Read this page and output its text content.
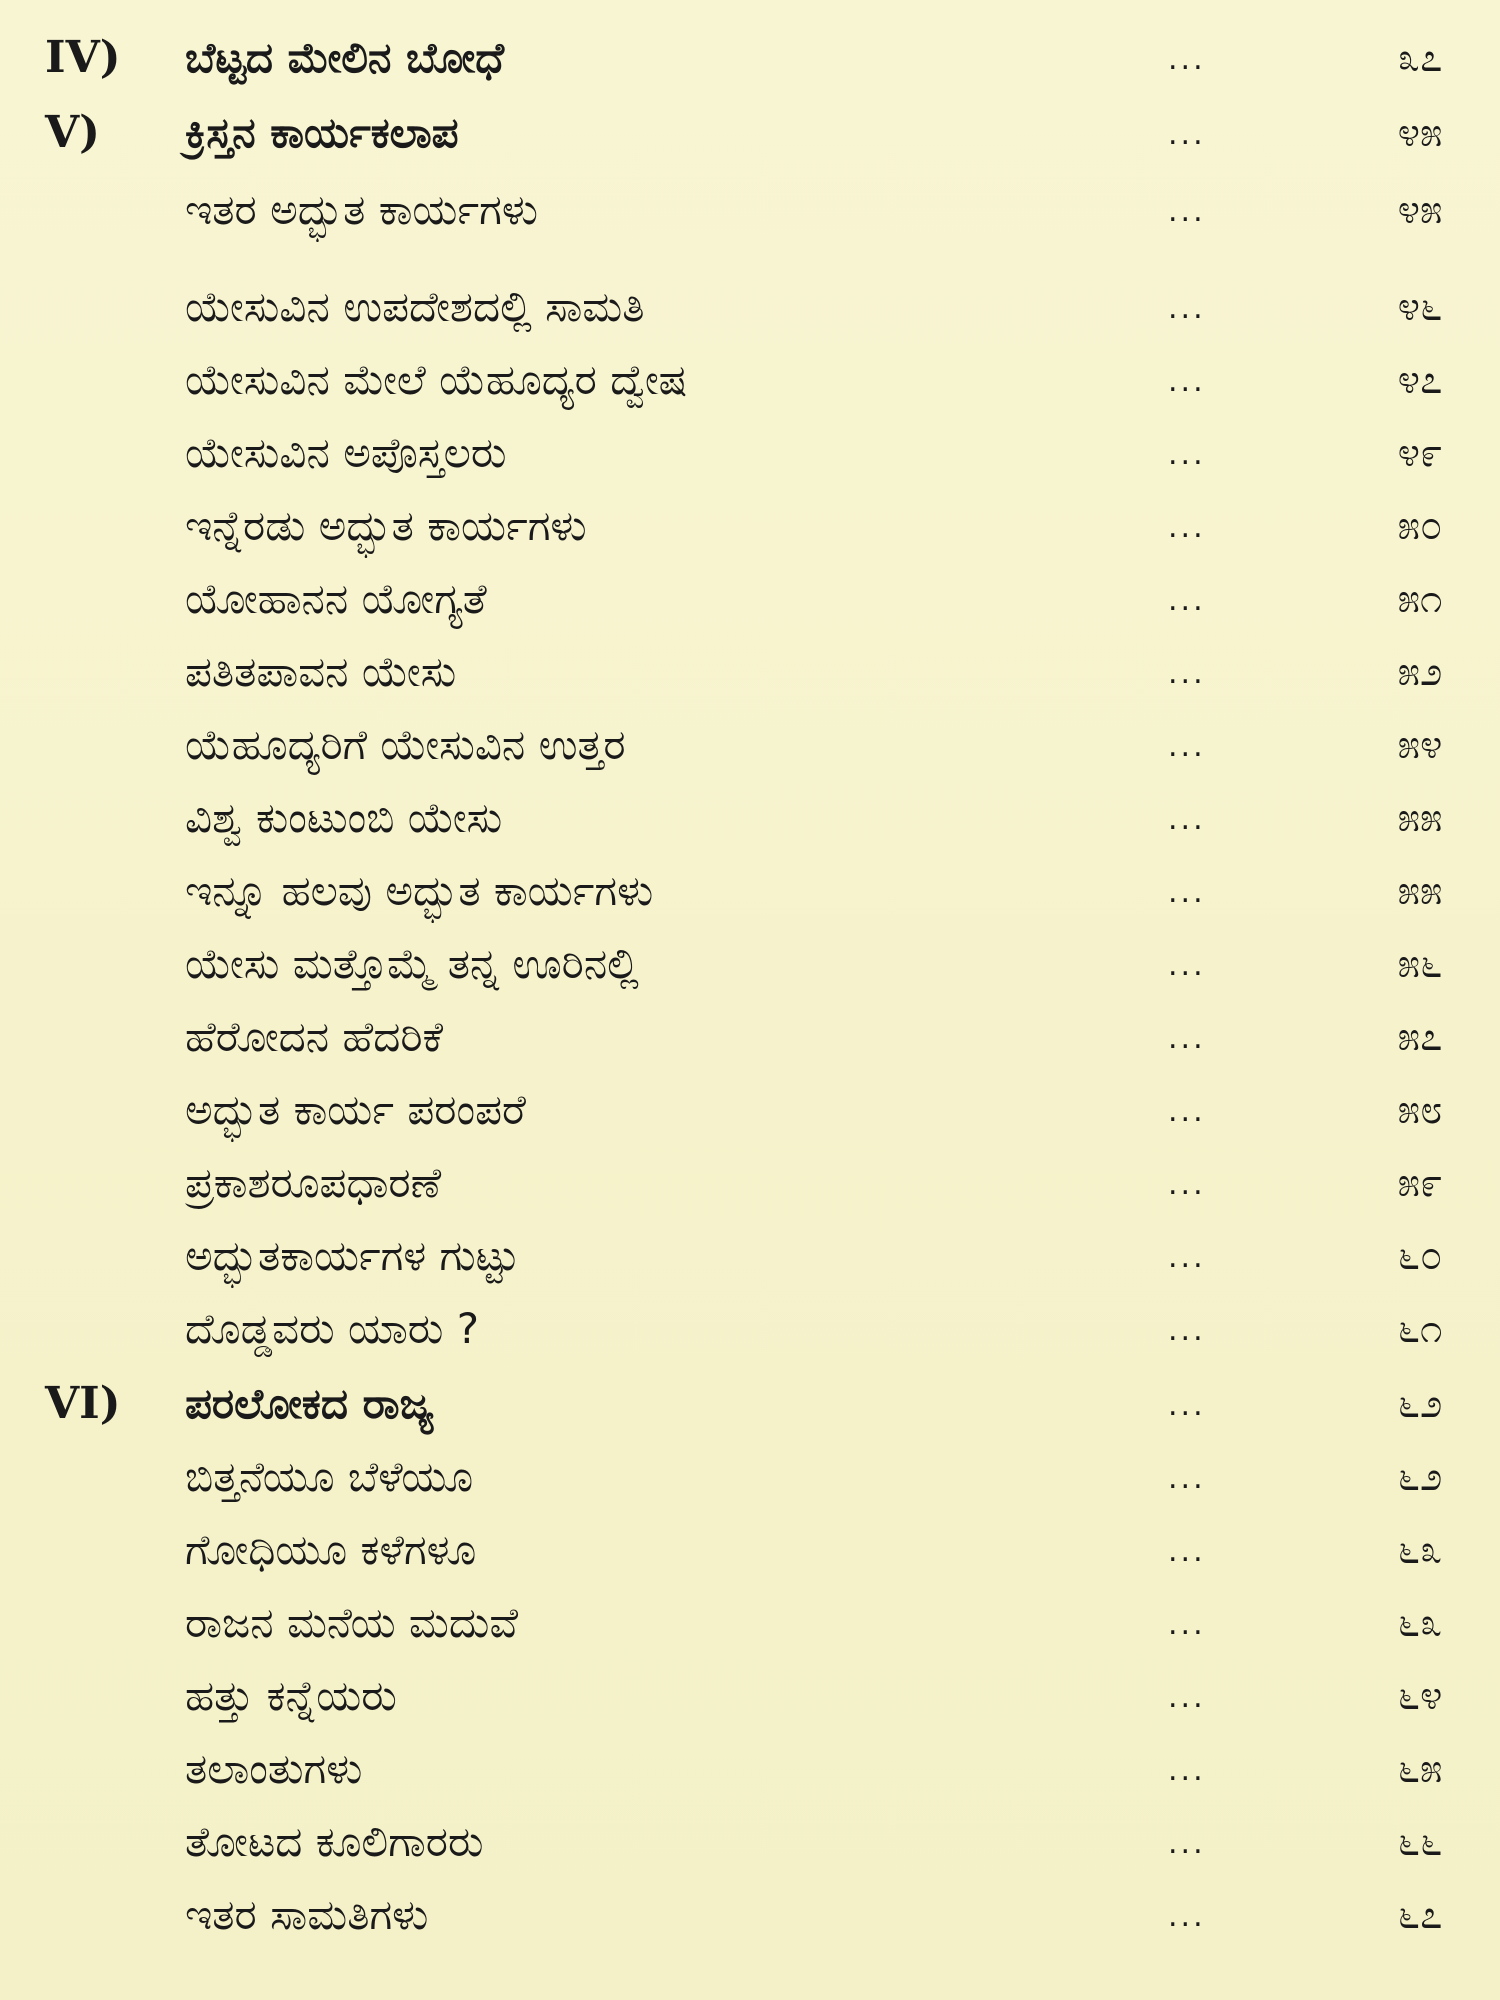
IV)	ಬೆಟ್ಟದ ಮೇಲಿನ ಬೋಧೆ	...	೩೭
V)	ಕ್ರಿಸ್ತನ ಕಾರ್ಯಕಲಾಪ	...	೪೫
ಇತರ ಅದ್ಭುತ ಕಾರ್ಯಗಳು	...	೪೫
ಯೇಸುವಿನ ಉಪದೇಶದಲ್ಲಿ ಸಾಮತಿ	...	೪೬
ಯೇಸುವಿನ ಮೇಲೆ ಯೆಹೂದ್ಯರ ದ್ವೇಷ	...	೪೭
ಯೇಸುವಿನ ಅಪೊಸ್ತಲರು	...	೪೯
ಇನ್ನೆರಡು ಅದ್ಭುತ ಕಾರ್ಯಗಳು	...	೫೦
ಯೋಹಾನನ ಯೋಗ್ಯತೆ	...	೫೧
ಪತಿತಪಾವನ ಯೇಸು	...	೫೨
ಯೆಹೂದ್ಯರಿಗೆ ಯೇಸುವಿನ ಉತ್ತರ	...	೫೪
ವಿಶ್ವ ಕುಂಟುಂಬಿ ಯೇಸು	...	೫೫
ಇನ್ನೂ ಹಲವು ಅದ್ಭುತ ಕಾರ್ಯಗಳು	...	೫೫
ಯೇಸು ಮತ್ತೊಮ್ಮೆ ತನ್ನ ಊರಿನಲ್ಲಿ	...	೫೬
ಹೆರೋದನ ಹೆದರಿಕೆ	...	೫೭
ಅದ್ಭುತ ಕಾರ್ಯ ಪರಂಪರೆ	...	೫೮
ಪ್ರಕಾಶರೂಪಧಾರಣೆ	...	೫೯
ಅದ್ಭುತಕಾರ್ಯಗಳ ಗುಟ್ಟು	...	೬೦
ದೊಡ್ಡವರು ಯಾರು ?	...	೬೧
VI)	ಪರಲೋಕದ ರಾಜ್ಯ	...	೬೨
ಬಿತ್ತನೆಯೂ ಬೆಳೆಯೂ	...	೬೨
ಗೋಧಿಯೂ ಕಳೆಗಳೂ	...	೬೩
ರಾಜನ ಮನೆಯ ಮದುವೆ	...	೬೩
ಹತ್ತು ಕನ್ನೆಯರು	...	೬೪
ತಲಾಂತುಗಳು	...	೬೫
ತೋಟದ ಕೂಲಿಗಾರರು	...	೬೬
ಇತರ ಸಾಮತಿಗಳು	...	೬೭
